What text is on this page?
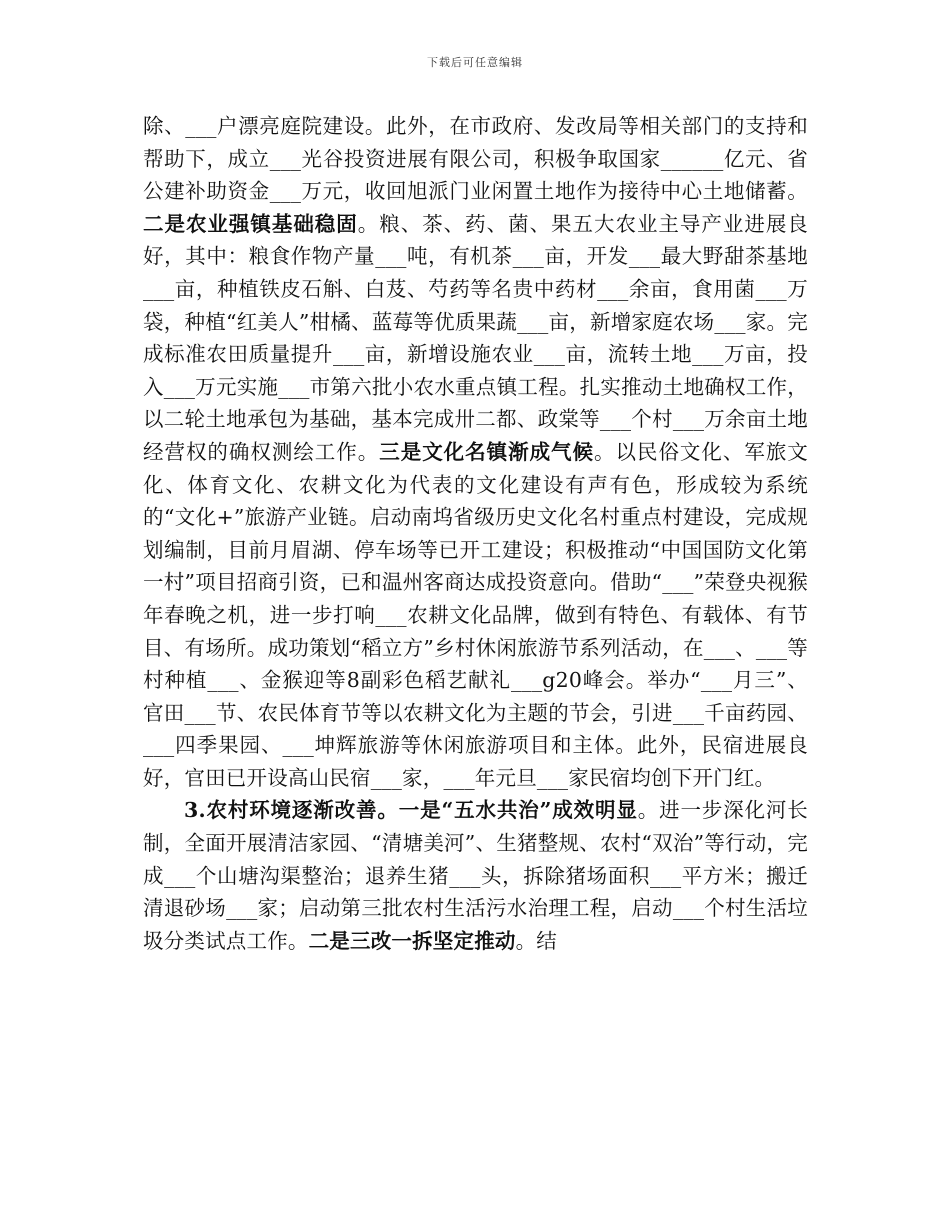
下载后可任意编辑

除、___户漂亮庭院建设。此外，在市政府、发改局等相关部门的支持和帮助下，成立___光谷投资进展有限公司，积极争取国家______亿元、省公建补助资金___万元，收回旭派门业闲置土地作为接待中心土地储蓄。二是农业强镇基础稳固。粮、茶、药、菌、果五大农业主导产业进展良好，其中：粮食作物产量___吨，有机茶___亩，开发___最大野甜茶基地___亩，种植铁皮石斛、白芨、芍药等名贵中药材___余亩，食用菌___万袋，种植“红美人”柑橘、蓝莓等优质果蔬___亩，新增家庭农场___家。完成标准农田质量提升___亩，新增设施农业___亩，流转土地___万亩，投入___万元实施___市第六批小农水重点镇工程。扎实推动土地确权工作，以二轮土地承包为基础，基本完成卅二都、政棠等___个村___万余亩土地经营权的确权测绘工作。三是文化名镇渐成气候。以民俗文化、军旅文化、体育文化、农耕文化为代表的文化建设有声有色，形成较为系统的“文化+”旅游产业链。启动南坞省级历史文化名村重点村建设，完成规划编制，目前月眉湖、停车场等已开工建设；积极推动“中国国防文化第一村”项目招商引资，已和温州客商达成投资意向。借助“___”荣登央视猴年春晚之机，进一步打响___农耕文化品牌，做到有特色、有载体、有节目、有场所。成功策划“稻立方”乡村休闲旅游节系列活动，在___、___等村种植___、金猴迎等8副彩色稻艺献礼___g20峰会。举办“___月三”、官田___节、农民体育节等以农耕文化为主题的节会，引进___千亩药园、___四季果园、___坤辉旅游等休闲旅游项目和主体。此外，民宿进展良好，官田已开设高山民宿___家，___年元旦___家民宿均创下开门红。

3.农村环境逐渐改善。一是“五水共治”成效明显。进一步深化河长制，全面开展清洁家园、“清塘美河”、生猪整规、农村“双治”等行动，完成___个山塘沟渠整治；退养生猪___头，拆除猪场面积___平方米；搬迁清退砂场___家；启动第三批农村生活污水治理工程，启动___个村生活垃圾分类试点工作。二是三改一拆坚定推动。结
